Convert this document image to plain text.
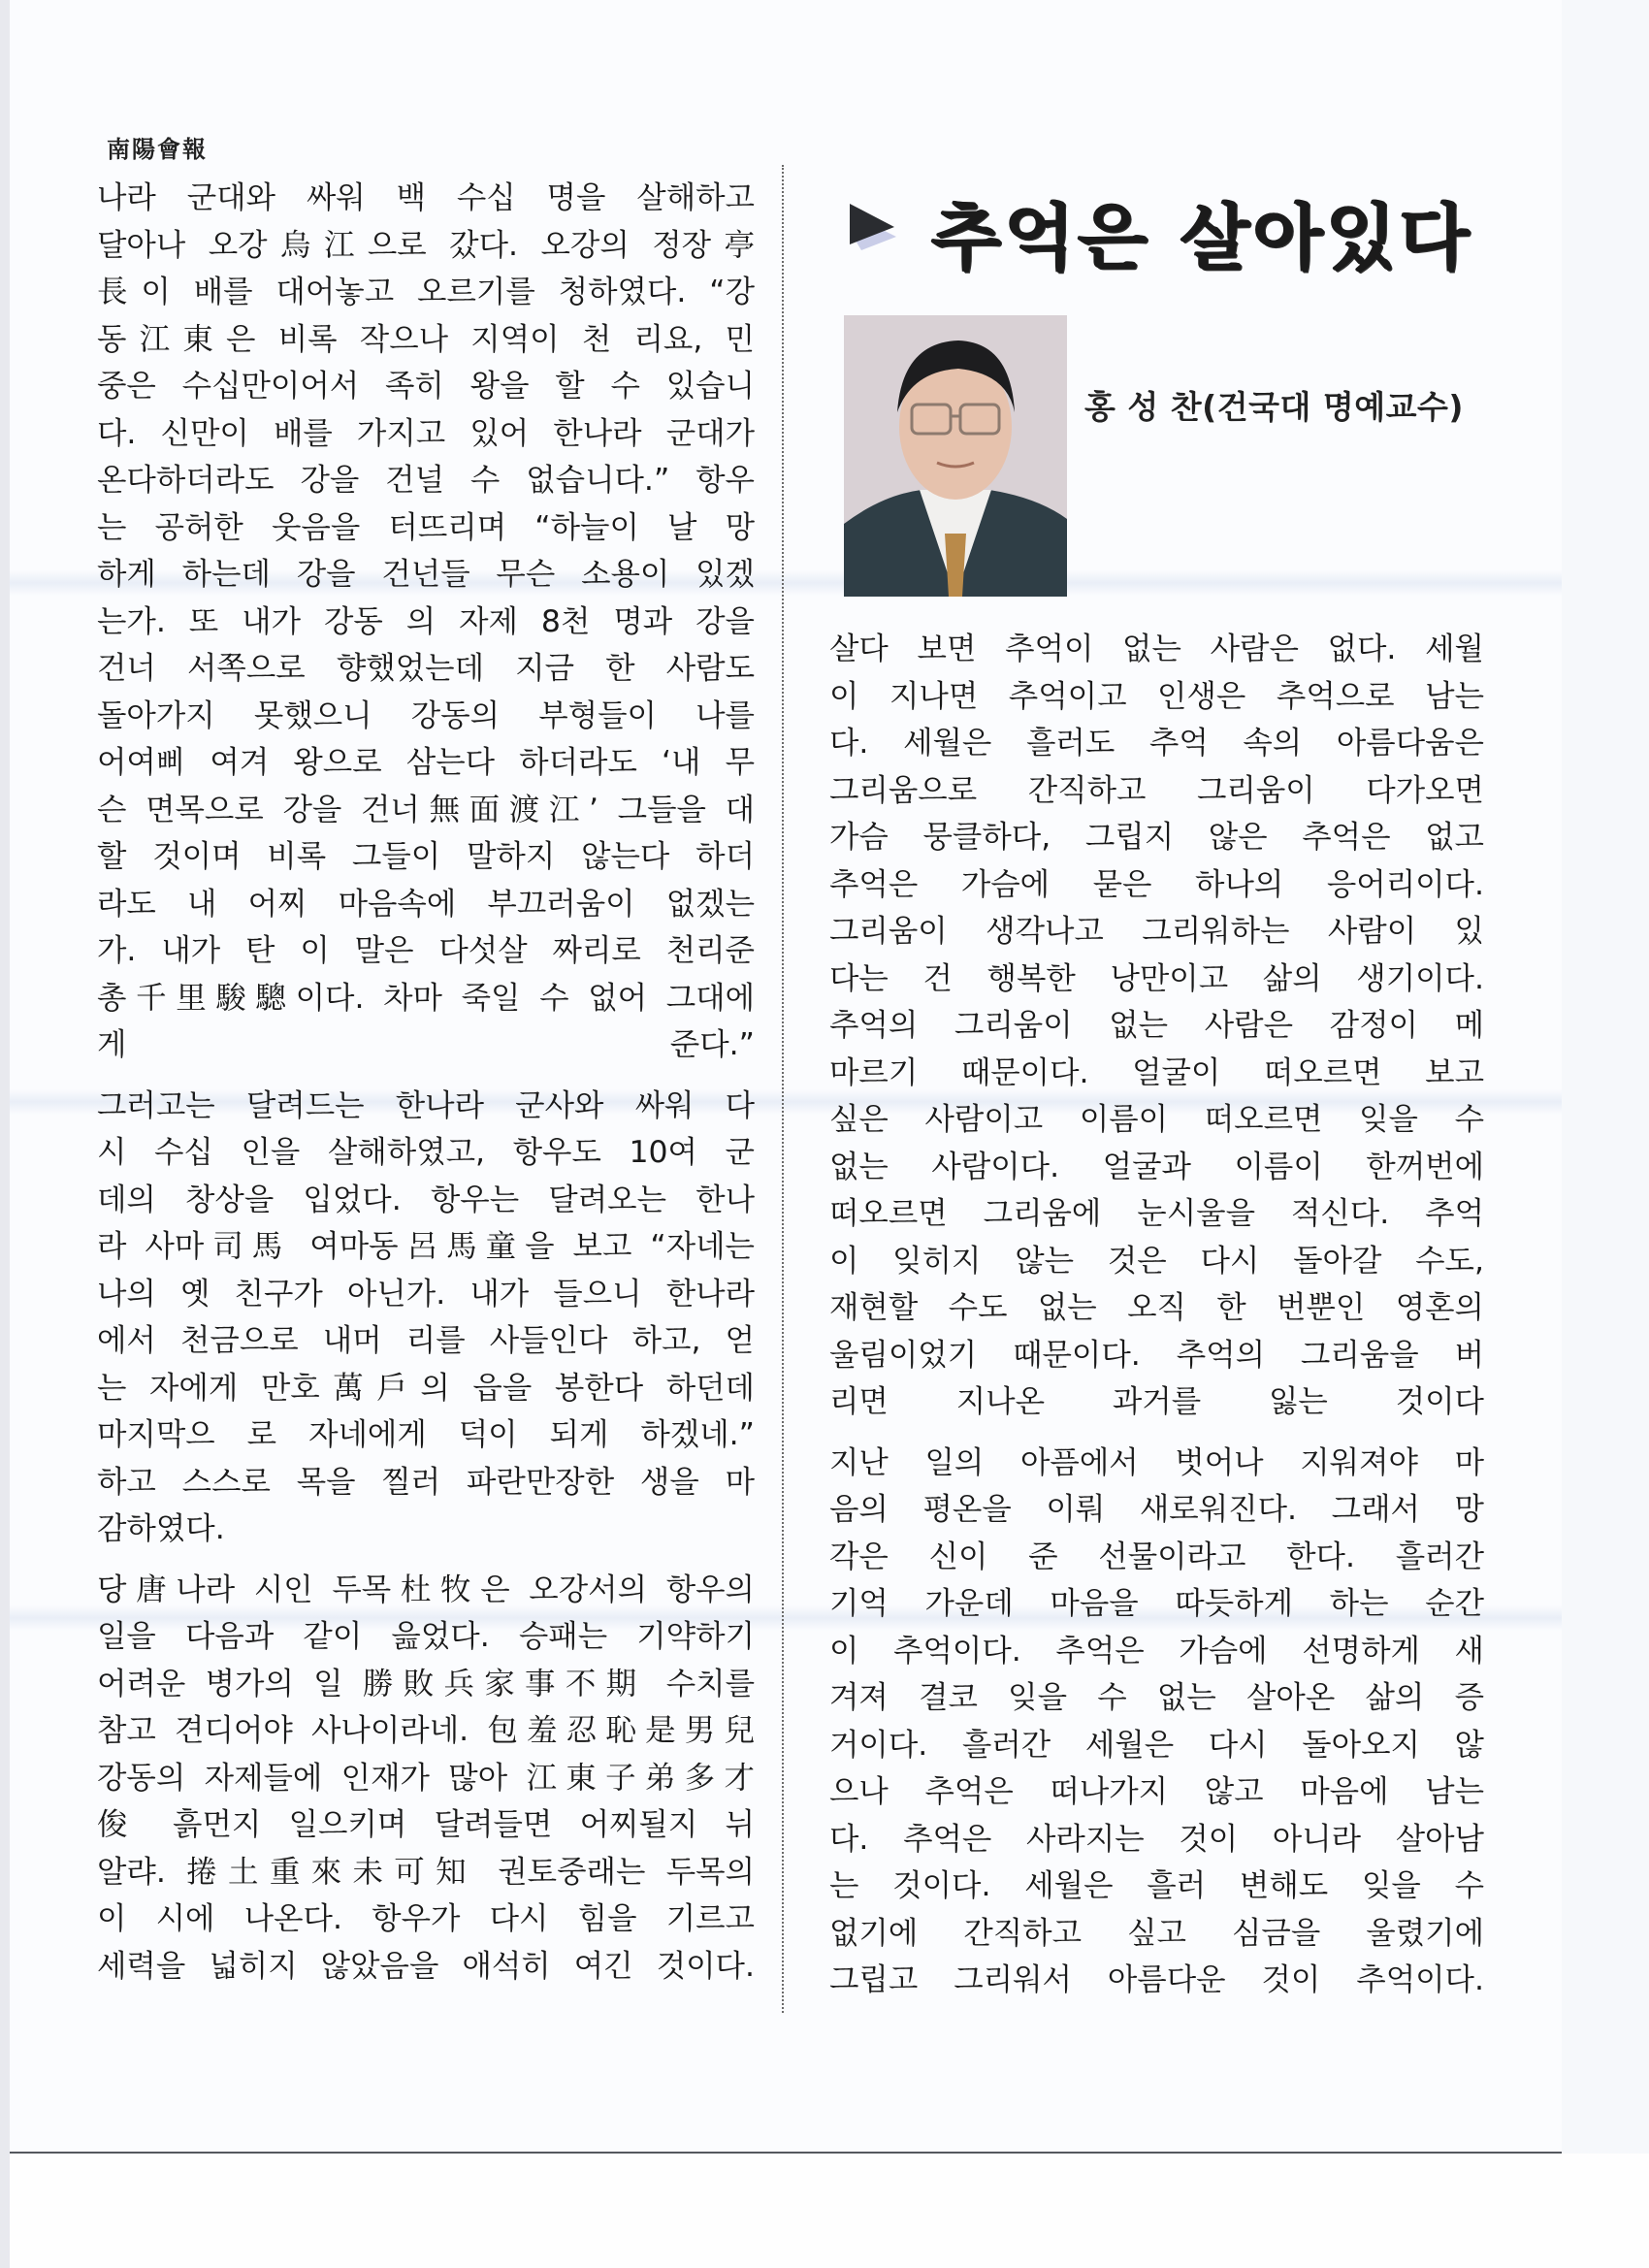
南陽會報

나라 군대와 싸워 백 수십 명을 살해하고
달아나 오강烏江으로 갔다. 오강의 정장亭
長이 배를 대어놓고 오르기를 청하였다. “강
동江東은 비록 작으나 지역이 천 리요, 민
중은 수십만이어서 족히 왕을 할 수 있습니
다. 신만이 배를 가지고 있어 한나라 군대가
온다하더라도 강을 건널 수 없습니다.” 항우
는 공허한 웃음을 터뜨리며 “하늘이 날 망
하게 하는데 강을 건넌들 무슨 소용이 있겠
는가. 또 내가 강동 의 자제 8천 명과 강을
건너 서쪽으로 향했었는데 지금 한 사람도
돌아가지 못했으니 강동의 부형들이 나를
어여삐 여겨 왕으로 삼는다 하더라도 ‘내 무
슨 면목으로 강을 건너無面渡江’ 그들을 대
할 것이며 비록 그들이 말하지 않는다 하더
라도 내 어찌 마음속에 부끄러움이 없겠는
가. 내가 탄 이 말은 다섯살 짜리로 천리준
총千里駿驄이다. 차마 죽일 수 없어 그대에
게 준다.”

그러고는 달려드는 한나라 군사와 싸워 다
시 수십 인을 살해하였고, 항우도 10여 군
데의 창상을 입었다. 항우는 달려오는 한나
라 사마司馬 여마동呂馬童을 보고 “자네는
나의 옛 친구가 아닌가. 내가 들으니 한나라
에서 천금으로 내머 리를 사들인다 하고, 얻
는 자에게 만호萬戶의 읍을 봉한다 하던데
마지막으 로 자네에게 덕이 되게 하겠네.”
하고 스스로 목을 찔러 파란만장한 생을 마
감하였다.

당唐나라 시인 두목杜牧은 오강서의 항우의
일을 다음과 같이 읊었다. 승패는 기약하기
어려운 병가의 일 勝敗兵家事不期 수치를
참고 견디어야 사나이라네. 包羞忍恥是男兒
강동의 자제들에 인재가 많아 江東子弟多才
俊 흙먼지 일으키며 달려들면 어찌될지 뉘
알랴. 捲土重來未可知 권토중래는 두목의
이 시에 나온다. 항우가 다시 힘을 기르고
세력을 넓히지 않았음을 애석히 여긴 것이다.

추억은 살아있다
홍 성 찬(건국대 명예교수)

살다 보면 추억이 없는 사람은 없다. 세월
이 지나면 추억이고 인생은 추억으로 남는
다. 세월은 흘러도 추억 속의 아름다움은
그리움으로 간직하고 그리움이 다가오면
가슴 뭉클하다, 그립지 않은 추억은 없고
추억은 가슴에 묻은 하나의 응어리이다.
그리움이 생각나고 그리워하는 사람이 있
다는 건 행복한 낭만이고 삶의 생기이다.
추억의 그리움이 없는 사람은 감정이 메
마르기 때문이다. 얼굴이 떠오르면 보고
싶은 사람이고 이름이 떠오르면 잊을 수
없는 사람이다. 얼굴과 이름이 한꺼번에
떠오르면 그리움에 눈시울을 적신다. 추억
이 잊히지 않는 것은 다시 돌아갈 수도,
재현할 수도 없는 오직 한 번뿐인 영혼의
울림이었기 때문이다. 추억의 그리움을 버
리면 지나온 과거를 잃는 것이다

지난 일의 아픔에서 벗어나 지워져야 마
음의 평온을 이뤄 새로워진다. 그래서 망
각은 신이 준 선물이라고 한다. 흘러간
기억 가운데 마음을 따듯하게 하는 순간
이 추억이다. 추억은 가슴에 선명하게 새
겨져 결코 잊을 수 없는 살아온 삶의 증
거이다. 흘러간 세월은 다시 돌아오지 않
으나 추억은 떠나가지 않고 마음에 남는
다. 추억은 사라지는 것이 아니라 살아남
는 것이다. 세월은 흘러 변해도 잊을 수
없기에 간직하고 싶고 심금을 울렸기에
그립고 그리워서 아름다운 것이 추억이다.
